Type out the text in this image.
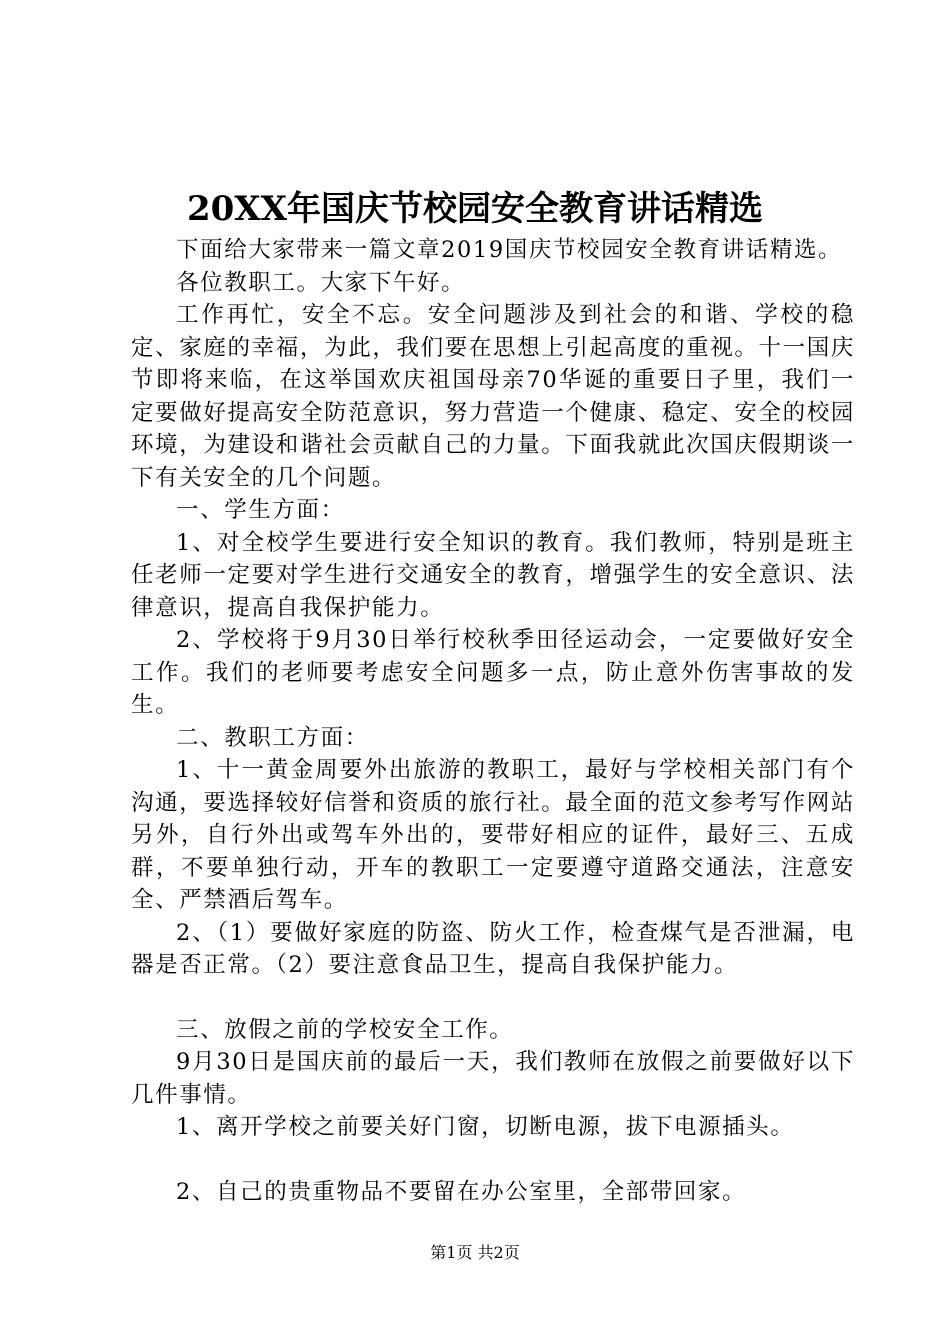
20XX年国庆节校园安全教育讲话精选

下面给大家带来一篇文章2019国庆节校园安全教育讲话精选。

各位教职工。大家下午好。

工作再忙，安全不忘。安全问题涉及到社会的和谐、学校的稳定、家庭的幸福，为此，我们要在思想上引起高度的重视。十一国庆节即将来临，在这举国欢庆祖国母亲70华诞的重要日子里，我们一定要做好提高安全防范意识，努力营造一个健康、稳定、安全的校园环境，为建设和谐社会贡献自己的力量。下面我就此次国庆假期谈一下有关安全的几个问题。

一、学生方面：

1、对全校学生要进行安全知识的教育。我们教师，特别是班主任老师一定要对学生进行交通安全的教育，增强学生的安全意识、法律意识，提高自我保护能力。

2、学校将于9月30日举行校秋季田径运动会，一定要做好安全工作。我们的老师要考虑安全问题多一点，防止意外伤害事故的发生。

二、教职工方面：

1、十一黄金周要外出旅游的教职工，最好与学校相关部门有个沟通，要选择较好信誉和资质的旅行社。最全面的范文参考写作网站另外，自行外出或驾车外出的，要带好相应的证件，最好三、五成群，不要单独行动，开车的教职工一定要遵守道路交通法，注意安全、严禁酒后驾车。

2、（1）要做好家庭的防盗、防火工作，检查煤气是否泄漏，电器是否正常。（2）要注意食品卫生，提高自我保护能力。

三、放假之前的学校安全工作。

9月30日是国庆前的最后一天，我们教师在放假之前要做好以下几件事情。

1、离开学校之前要关好门窗，切断电源，拔下电源插头。

2、自己的贵重物品不要留在办公室里，全部带回家。

第1页 共2页
